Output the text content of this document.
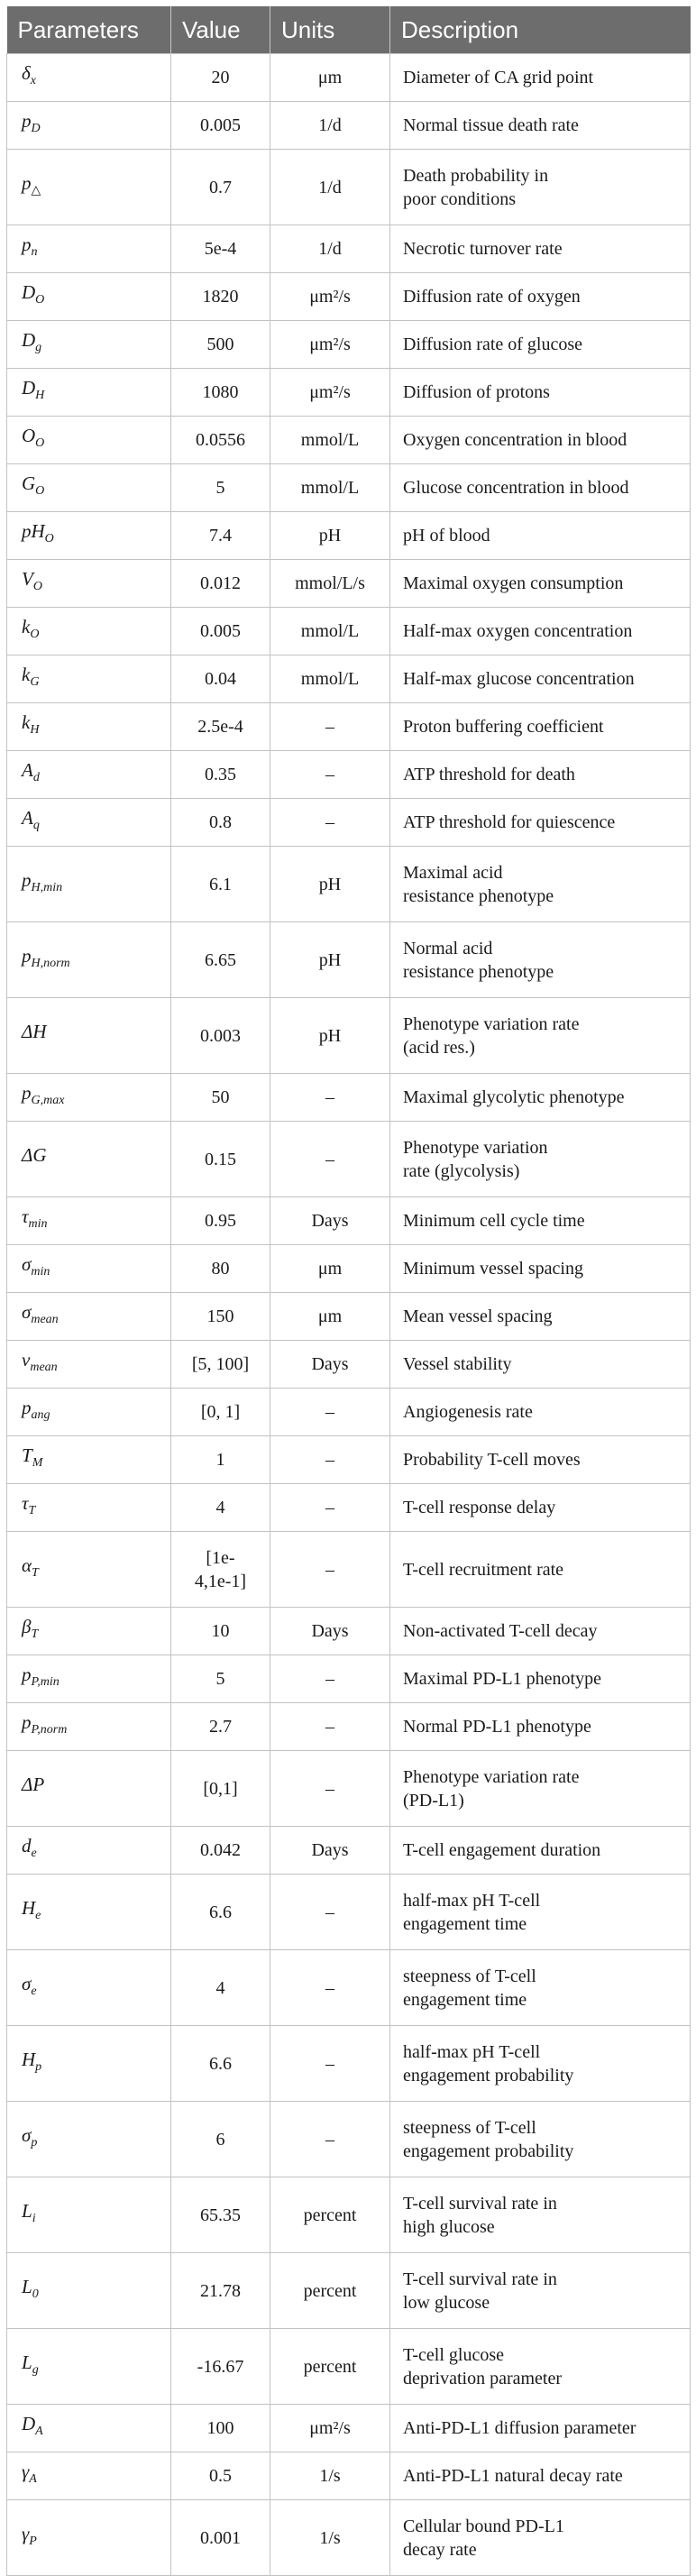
Parameters	Value	Units	Description
$\delta_x$	20	μm	Diameter of CA grid point
$p_D$	0.005	1/d	Normal tissue death rate
$p_\triangle$	0.7	1/d	Death probability in
poor conditions
$p_n$	5e-4	1/d	Necrotic turnover rate
$D_O$	1820	μm²/s	Diffusion rate of oxygen
$D_g$	500	μm²/s	Diffusion rate of glucose
$D_H$	1080	μm²/s	Diffusion of protons
$O_O$	0.0556	mmol/L	Oxygen concentration in blood
$G_O$	5	mmol/L	Glucose concentration in blood
$pH_O$	7.4	pH	pH of blood
$V_O$	0.012	mmol/L/s	Maximal oxygen consumption
$k_O$	0.005	mmol/L	Half-max oxygen concentration
$k_G$	0.04	mmol/L	Half-max glucose concentration
$k_H$	2.5e-4	–	Proton buffering coefficient
$A_d$	0.35	–	ATP threshold for death
$A_q$	0.8	–	ATP threshold for quiescence
$p_{H,min}$	6.1	pH	Maximal acid
resistance phenotype
$p_{H,norm}$	6.65	pH	Normal acid
resistance phenotype
ΔH	0.003	pH	Phenotype variation rate
(acid res.)
$p_{G,max}$	50	–	Maximal glycolytic phenotype
ΔG	0.15	–	Phenotype variation
rate (glycolysis)
$\tau_{min}$	0.95	Days	Minimum cell cycle time
$\sigma_{min}$	80	μm	Minimum vessel spacing
$\sigma_{mean}$	150	μm	Mean vessel spacing
$\nu_{mean}$	[5, 100]	Days	Vessel stability
$p_{ang}$	[0, 1]	–	Angiogenesis rate
$T_M$	1	–	Probability T-cell moves
$\tau_T$	4	–	T-cell response delay
$\alpha_T$	[1e-
4,1e-1]	–	T-cell recruitment rate
$\beta_T$	10	Days	Non-activated T-cell decay
$p_{P,min}$	5	–	Maximal PD-L1 phenotype
$p_{P,norm}$	2.7	–	Normal PD-L1 phenotype
ΔP	[0,1]	–	Phenotype variation rate
(PD-L1)
$d_e$	0.042	Days	T-cell engagement duration
$H_e$	6.6	–	half-max pH T-cell
engagement time
$\sigma_e$	4	–	steepness of T-cell
engagement time
$H_p$	6.6	–	half-max pH T-cell
engagement probability
$\sigma_p$	6	–	steepness of T-cell
engagement probability
$L_i$	65.35	percent	T-cell survival rate in
high glucose
$L_0$	21.78	percent	T-cell survival rate in
low glucose
$L_g$	-16.67	percent	T-cell glucose
deprivation parameter
$D_A$	100	μm²/s	Anti-PD-L1 diffusion parameter
$\gamma_A$	0.5	1/s	Anti-PD-L1 natural decay rate
$\gamma_P$	0.001	1/s	Cellular bound PD-L1
decay rate
